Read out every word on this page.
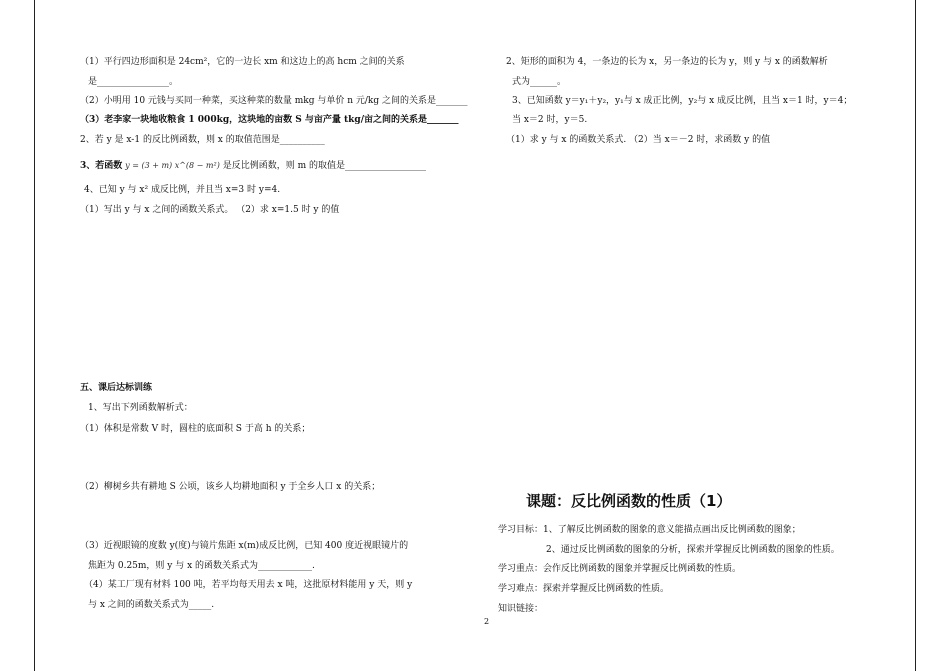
（1）平行四边形面积是 24cm²，它的一边长 xm 和这边上的高 hcm 之间的关系
是________________。
（2）小明用 10 元钱与买同一种菜，买这种菜的数量 mkg 与单价 n 元/kg 之间的关系是_______
（3）老李家一块地收粮食 1 000kg，这块地的亩数 S 与亩产量 tkg/亩之间的关系是_______
2、若 y 是 x-1 的反比例函数，则 x 的取值范围是__________
3、若函数 y = (3 + m) x^(8 − m²) 是反比例函数，则 m 的取值是__________________
4、已知 y 与 x² 成反比例，并且当 x=3 时 y=4.
（1）写出 y 与 x 之间的函数关系式。 （2）求 x=1.5 时 y 的值
五、课后达标训练
1、写出下列函数解析式：
（1）体积是常数 V 时，圆柱的底面积 S 于高 h 的关系；
（2）柳树乡共有耕地 S 公顷，该乡人均耕地面积 y 于全乡人口 x 的关系；
（3）近视眼镜的度数 y(度)与镜片焦距 x(m)成反比例，已知 400 度近视眼镜片的
焦距为 0.25m，则 y 与 x 的函数关系式为____________.
（4）某工厂现有材料 100 吨，若平均每天用去 x 吨，这批原材料能用 y 天，则 y
与 x 之间的函数关系式为_____.
2、矩形的面积为 4，一条边的长为 x，另一条边的长为 y，则 y 与 x 的函数解析
式为______。
3、已知函数 y＝y₁＋y₂，y₁与 x 成正比例，y₂与 x 成反比例，且当 x＝1 时，y＝4；
当 x＝2 时，y＝5.
（1）求 y 与 x 的函数关系式. （2）当 x＝－2 时，求函数 y 的值
课题：反比例函数的性质（1）
学习目标：1、了解反比例函数的图象的意义能描点画出反比例函数的图象；
2、通过反比例函数的图象的分析，探索并掌握反比例函数的图象的性质。
学习重点：会作反比例函数的图象并掌握反比例函数的性质。
学习难点：探索并掌握反比例函数的性质。
知识链接：
2
